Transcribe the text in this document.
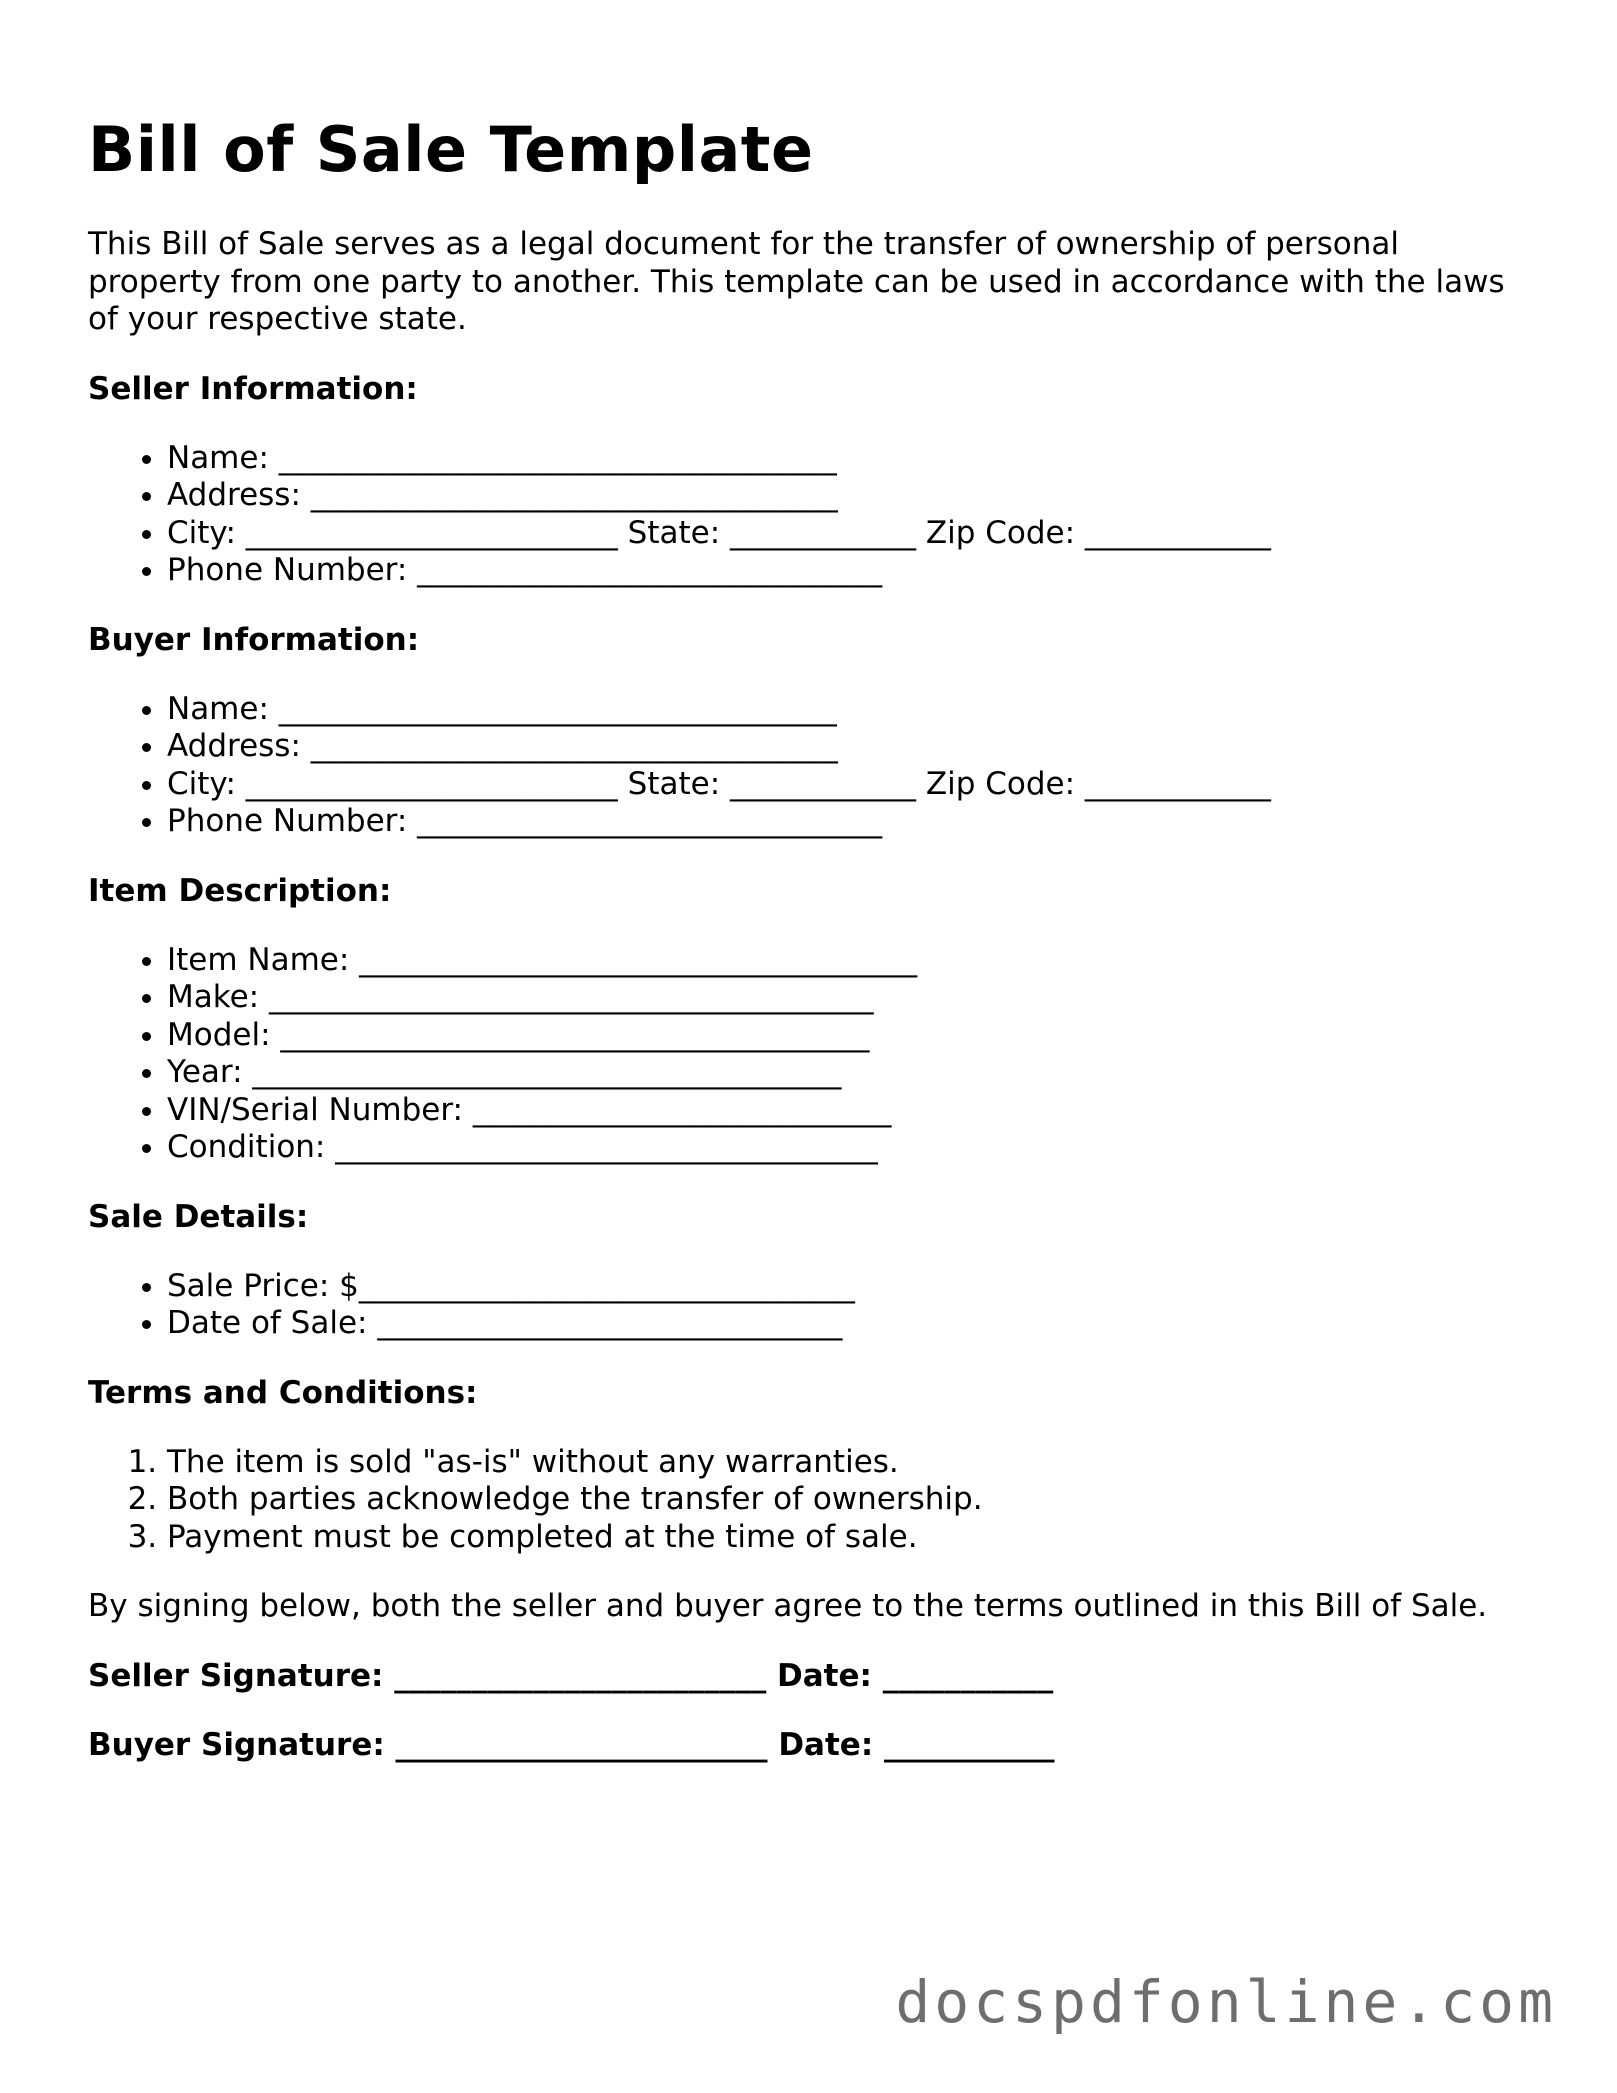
Bill of Sale Template

This Bill of Sale serves as a legal document for the transfer of ownership of personal property from one party to another. This template can be used in accordance with the laws of your respective state.

Seller Information:
• Name: ____________________________________
• Address: __________________________________
• City: ________________________ State: ____________ Zip Code: ____________
• Phone Number: ______________________________
Buyer Information:
• Name: ____________________________________
• Address: __________________________________
• City: ________________________ State: ____________ Zip Code: ____________
• Phone Number: ______________________________
Item Description:
• Item Name: ____________________________________
• Make: _______________________________________
• Model: ______________________________________
• Year: ______________________________________
• VIN/Serial Number: ___________________________
• Condition: ___________________________________
Sale Details:
• Sale Price: $________________________________
• Date of Sale: ______________________________
Terms and Conditions:
1. The item is sold "as-is" without any warranties.
2. Both parties acknowledge the transfer of ownership.
3. Payment must be completed at the time of sale.

By signing below, both the seller and buyer agree to the terms outlined in this Bill of Sale.

Seller Signature: ________________________ Date: ___________

Buyer Signature: ________________________ Date: ___________

docspdfonline.com
